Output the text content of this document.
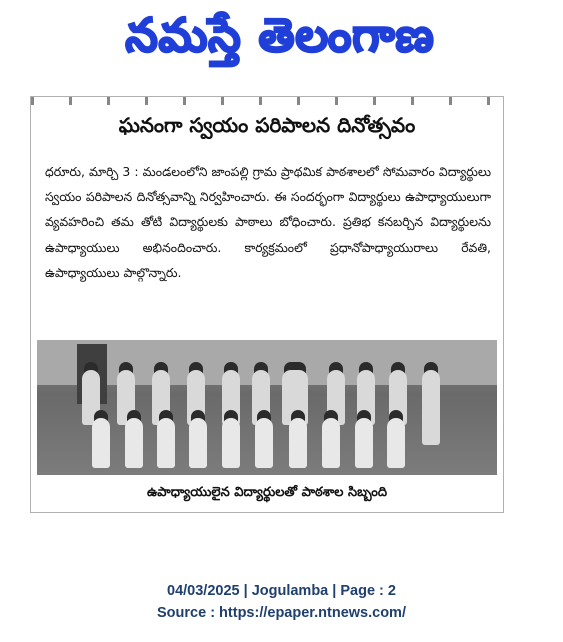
నమస్తే తెలంగాణ
ఘనంగా స్వయం పరిపాలన దినోత్సవం

ధరూరు, మార్చి 3 : మండలంలోని జాంపల్లి గ్రామ ప్రాథమిక పాఠశాలలో సోమవారం విద్యార్థులు స్వయం పరిపాలన దినోత్సవాన్ని నిర్వహించారు. ఈ సందర్భంగా విద్యార్థులు ఉపాధ్యాయులుగా వ్యవహరించి తమ తోటి విద్యార్థులకు పాఠాలు బోధించారు. ప్రతిభ కనబర్చిన విద్యార్థులను ఉపాధ్యాయులు అభినందించారు. కార్యక్రమంలో ప్రధానోపాధ్యాయురాలు రేవతి, ఉపాధ్యాయులు పాల్గొన్నారు.

ఉపాధ్యాయులైన విద్యార్థులతో పాఠశాల సిబ్బంది
04/03/2025 | Jogulamba | Page : 2
Source : https://epaper.ntnews.com/
